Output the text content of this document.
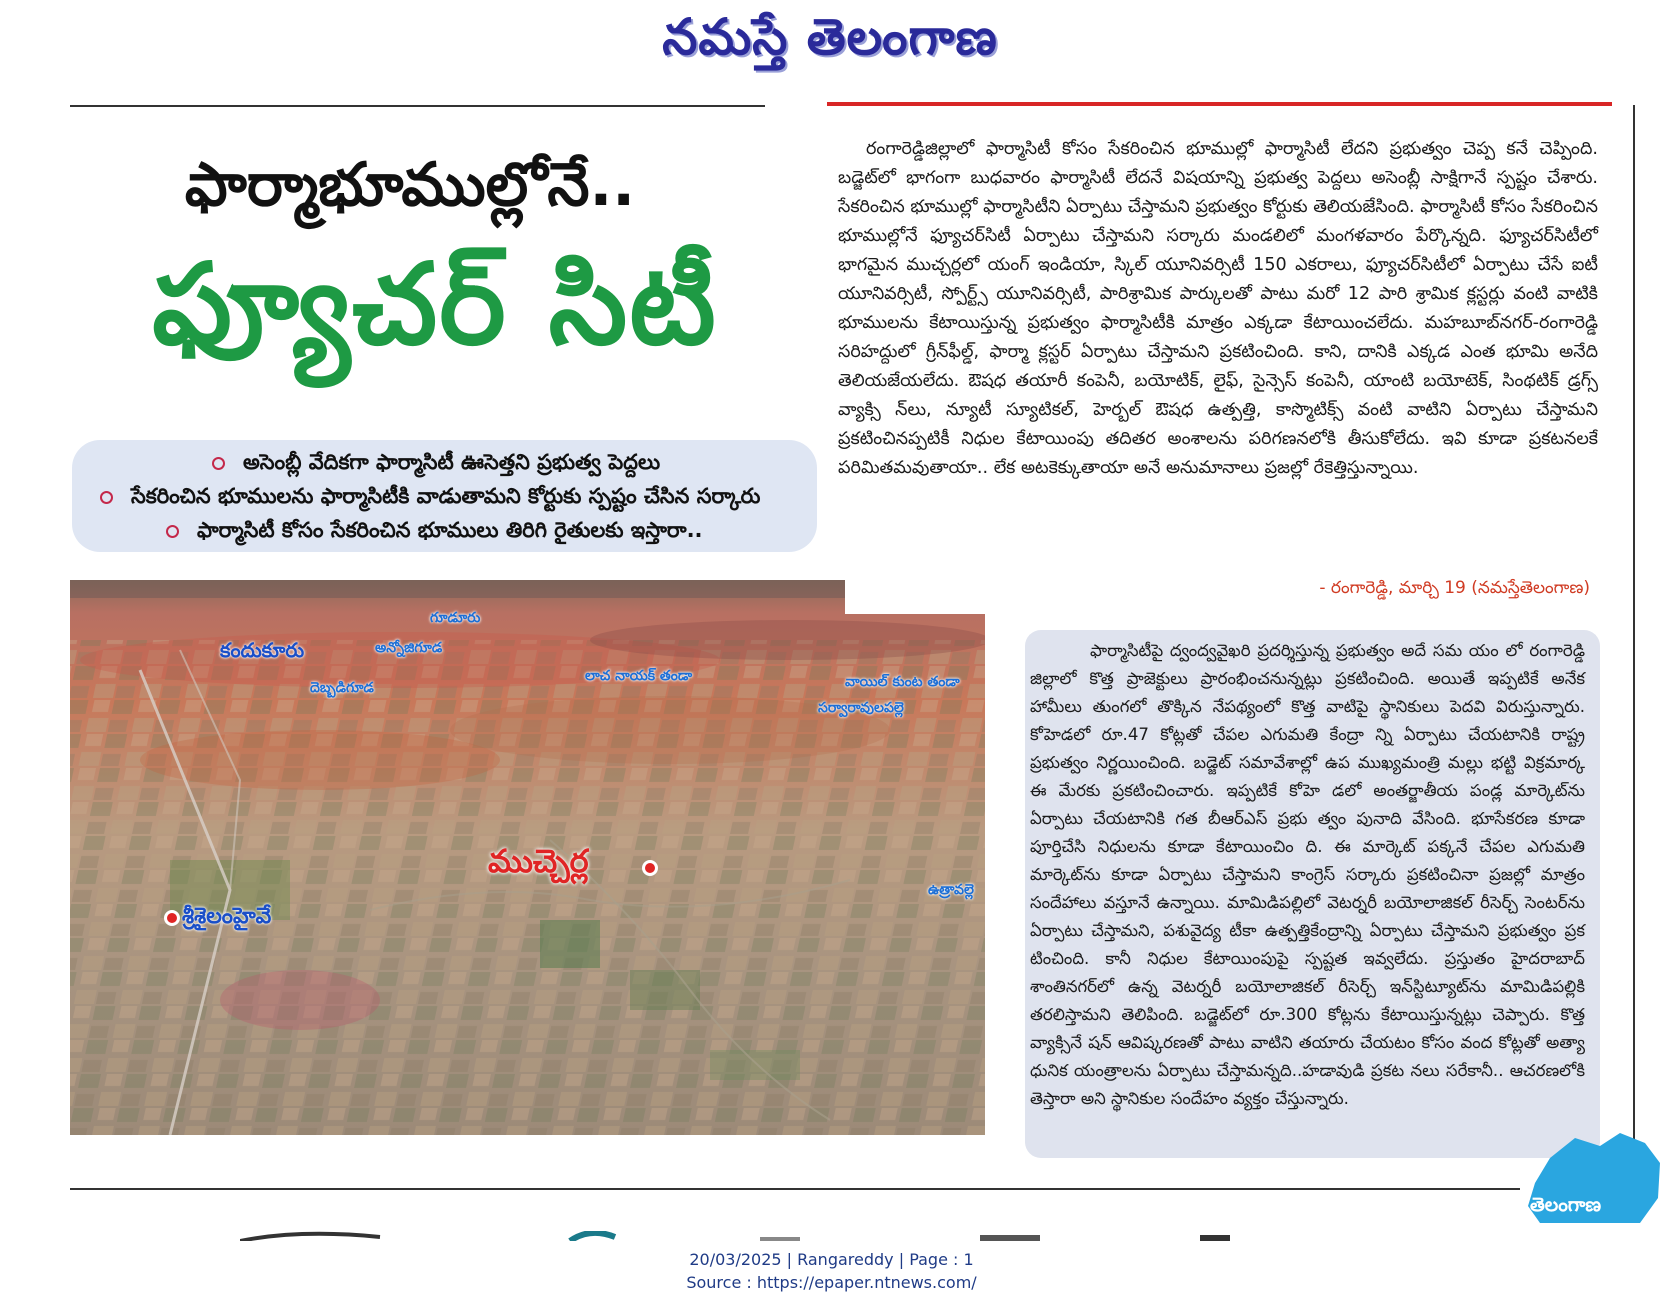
నమస్తే తెలంగాణ
ఫార్మాభూముల్లోనే..
ఫ్యూచర్ సిటీ
అసెంబ్లీ వేదికగా ఫార్మాసిటీ ఊసెత్తని ప్రభుత్వ పెద్దలు
సేకరించిన భూములను ఫార్మాసిటీకి వాడుతామని కోర్టుకు స్పష్టం చేసిన సర్కారు
ఫార్మాసిటీ కోసం సేకరించిన భూములు తిరిగి రైతులకు ఇస్తారా..

రంగారెడ్డిజిల్లాలో ఫార్మాసిటీ కోసం సేకరించిన భూముల్లో ఫార్మాసిటీ లేదని ప్రభుత్వం చెప్ప కనే చెప్పింది. బడ్జెట్‌లో భాగంగా బుధవారం ఫార్మాసిటీ లేదనే విషయాన్ని ప్రభుత్వ పెద్దలు అసెంబ్లీ సాక్షిగానే స్పష్టం చేశారు. సేకరించిన భూముల్లో ఫార్మాసిటీని ఏర్పాటు చేస్తామని ప్రభుత్వం కోర్టుకు తెలియజేసింది. ఫార్మాసిటీ కోసం సేకరించిన భూముల్లోనే ఫ్యూచర్‌సిటీ ఏర్పాటు చేస్తామని సర్కారు మండలిలో మంగళవారం పేర్కొన్నది. ఫ్యూచర్‌సిటీలో భాగమైన ముచ్చర్లలో యంగ్ ఇండియా, స్కిల్ యూనివర్సిటీ 150 ఎకరాలు, ఫ్యూచర్‌సిటీలో ఏర్పాటు చేసే ఐటీ యూనివర్సిటీ, స్పోర్ట్స్ యూనివర్సిటీ, పారిశ్రామిక పార్కులతో పాటు మరో 12 పారి శ్రామిక క్లస్టర్లు వంటి వాటికి భూములను కేటాయిస్తున్న ప్రభుత్వం ఫార్మాసిటీకి మాత్రం ఎక్కడా కేటాయించలేదు. మహబూబ్‌నగర్-రంగారెడ్డి సరిహద్దులో గ్రీన్‌ఫీల్డ్, ఫార్మా క్లస్టర్ ఏర్పాటు చేస్తామని ప్రకటించింది. కాని, దానికి ఎక్కడ ఎంత భూమి అనేది తెలియజేయలేదు. ఔషధ తయారీ కంపెనీ, బయోటిక్, లైఫ్, సైన్సెస్ కంపెనీ, యాంటి బయోటెక్, సింథటిక్ డ్రగ్స్ వ్యాక్సి న్‌లు, న్యూటీ స్యూటికల్, హెర్బల్ ఔషధ ఉత్పత్తి, కాస్మొటిక్స్ వంటి వాటిని ఏర్పాటు చేస్తామని ప్రకటించినప్పటికీ నిధుల కేటాయింపు తదితర అంశాలను పరిగణనలోకి తీసుకోలేదు. ఇవి కూడా ప్రకటనలకే పరిమితమవుతాయా.. లేక అటకెక్కుతాయా అనే అనుమానాలు ప్రజల్లో రేకెత్తిస్తున్నాయి.

గూడూరు
కందుకూరు	అన్నోజిగూడ
దెబ్బడిగూడ
లాచ నాయక్ తండా	వాయిల్ కుంట తండా
సర్వారావులపల్లె
ముచ్చెర్ల
ఉత్రావల్లె
శ్రీశైలంహైవే
- రంగారెడ్డి, మార్చి 19 (నమస్తేతెలంగాణ)

ఫార్మాసిటీపై ద్వంద్వవైఖరి ప్రదర్శిస్తున్న ప్రభుత్వం అదే సమ యం లో రంగారెడ్డి జిల్లాలో కొత్త ప్రాజెక్టులు ప్రారంభించనున్నట్లు ప్రకటించింది. అయితే ఇప్పటికే అనేక హామీలు తుంగలో తొక్కిన నేపథ్యంలో కొత్త వాటిపై స్థానికులు పెదవి విరుస్తున్నారు. కోహెడలో రూ.47 కోట్లతో చేపల ఎగుమతి కేంద్రా న్ని ఏర్పాటు చేయటానికి రాష్ట్ర ప్రభుత్వం నిర్ణయించింది. బడ్జెట్ సమావేశాల్లో ఉప ముఖ్యమంత్రి మల్లు భట్టి విక్రమార్క ఈ మేరకు ప్రకటించించారు. ఇప్పటికే కోహె డలో అంతర్జాతీయ పండ్ల మార్కెట్‌ను ఏర్పాటు చేయటానికి గత బీఆర్‌ఎస్ ప్రభు త్వం పునాది వేసింది. భూసేకరణ కూడా పూర్తిచేసి నిధులను కూడా కేటాయించిం ది. ఈ మార్కెట్ పక్కనే చేపల ఎగుమతి మార్కెట్‌ను కూడా ఏర్పాటు చేస్తామని కాంగ్రెస్ సర్కారు ప్రకటించినా ప్రజల్లో మాత్రం సందేహాలు వస్తూనే ఉన్నాయి. మామిడిపల్లిలో వెటర్నరీ బయోలాజికల్ రీసెర్చ్ సెంటర్‌ను ఏర్పాటు చేస్తామని, పశువైద్య టీకా ఉత్పత్తికేంద్రాన్ని ఏర్పాటు చేస్తామని ప్రభుత్వం ప్రక టించింది. కానీ నిధుల కేటాయింపుపై స్పష్టత ఇవ్వలేదు. ప్రస్తుతం హైదరాబాద్ శాంతినగర్‌లో ఉన్న వెటర్నరీ బయోలాజికల్ రీసెర్చ్ ఇన్‌స్టిట్యూట్‌ను మామిడిపల్లికి తరలిస్తామని తెలిపింది. బడ్జెట్‌లో రూ.300 కోట్లను కేటాయిస్తున్నట్లు చెప్పారు. కొత్త వ్యాక్సినే షన్ ఆవిష్కరణతో పాటు వాటిని తయారు చేయటం కోసం వంద కోట్లతో అత్యా ధునిక యంత్రాలను ఏర్పాటు చేస్తామన్నది..హడావుడి ప్రకట నలు సరేకానీ.. ఆచరణలోకి తెస్తారా అని స్థానికుల సందేహం వ్యక్తం చేస్తున్నారు.

తెలంగాణ
20/03/2025 | Rangareddy | Page : 1
Source : https://epaper.ntnews.com/
